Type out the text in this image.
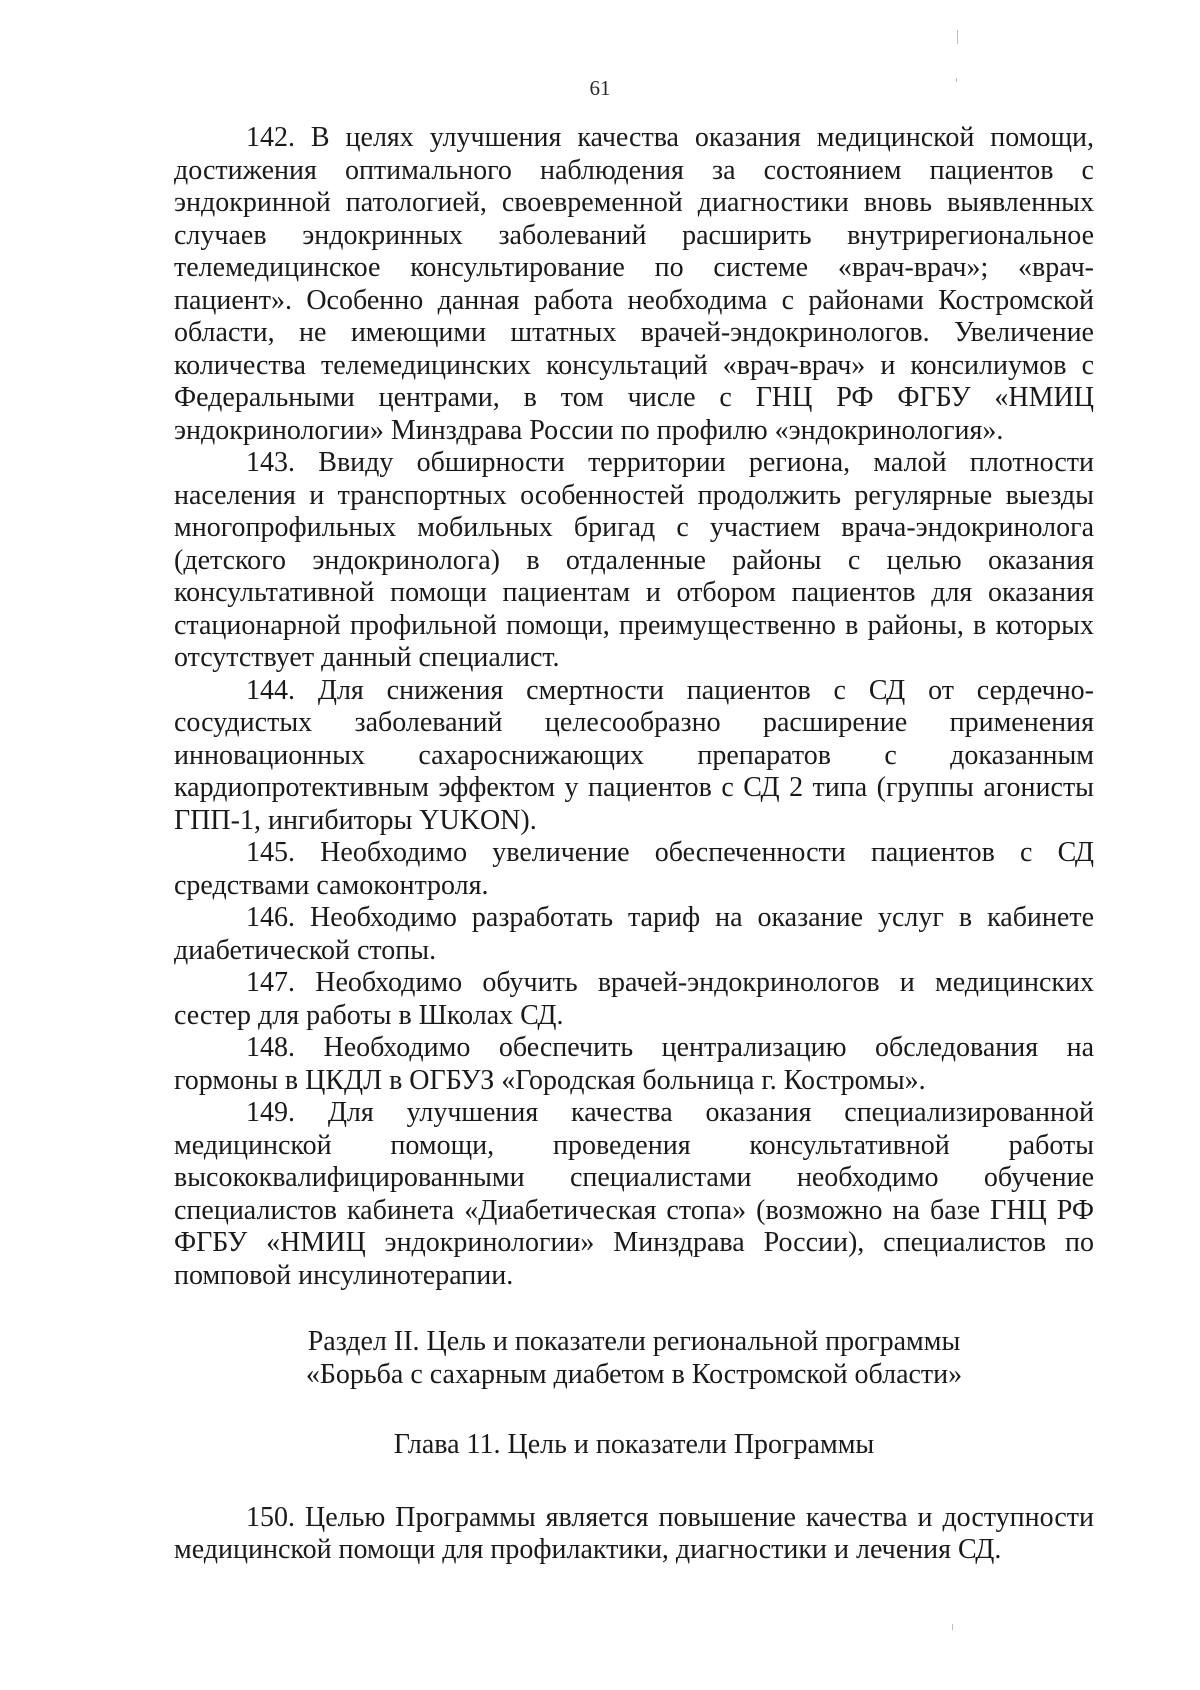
61

142. В целях улучшения качества оказания медицинской помощи, достижения оптимального наблюдения за состоянием пациентов с эндокринной патологией, своевременной диагностики вновь выявленных случаев эндокринных заболеваний расширить внутрирегиональное телемедицинское консультирование по системе «врач-врач»; «врач-пациент». Особенно данная работа необходима с районами Костромской области, не имеющими штатных врачей-эндокринологов. Увеличение количества телемедицинских консультаций «врач-врач» и консилиумов с Федеральными центрами, в том числе с ГНЦ РФ ФГБУ «НМИЦ эндокринологии» Минздрава России по профилю «эндокринология».

143. Ввиду обширности территории региона, малой плотности населения и транспортных особенностей продолжить регулярные выезды многопрофильных мобильных бригад с участием врача-эндокринолога (детского эндокринолога) в отдаленные районы с целью оказания консультативной помощи пациентам и отбором пациентов для оказания стационарной профильной помощи, преимущественно в районы, в которых отсутствует данный специалист.

144. Для снижения смертности пациентов с СД от сердечно-сосудистых заболеваний целесообразно расширение применения инновационных сахароснижающих препаратов с доказанным кардиопротективным эффектом у пациентов с СД 2 типа (группы агонисты ГПП-1, ингибиторы YUKON).

145. Необходимо увеличение обеспеченности пациентов с СД средствами самоконтроля.

146. Необходимо разработать тариф на оказание услуг в кабинете диабетической стопы.

147. Необходимо обучить врачей-эндокринологов и медицинских сестер для работы в Школах СД.

148. Необходимо обеспечить централизацию обследования на гормоны в ЦКДЛ в ОГБУЗ «Городская больница г. Костромы».

149. Для улучшения качества оказания специализированной медицинской помощи, проведения консультативной работы высококвалифицированными специалистами необходимо обучение специалистов кабинета «Диабетическая стопа» (возможно на базе ГНЦ РФ ФГБУ «НМИЦ эндокринологии» Минздрава России), специалистов по помповой инсулинотерапии.

Раздел II. Цель и показатели региональной программы
«Борьба с сахарным диабетом в Костромской области»
Глава 11. Цель и показатели Программы

150. Целью Программы является повышение качества и доступности медицинской помощи для профилактики, диагностики и лечения СД.
